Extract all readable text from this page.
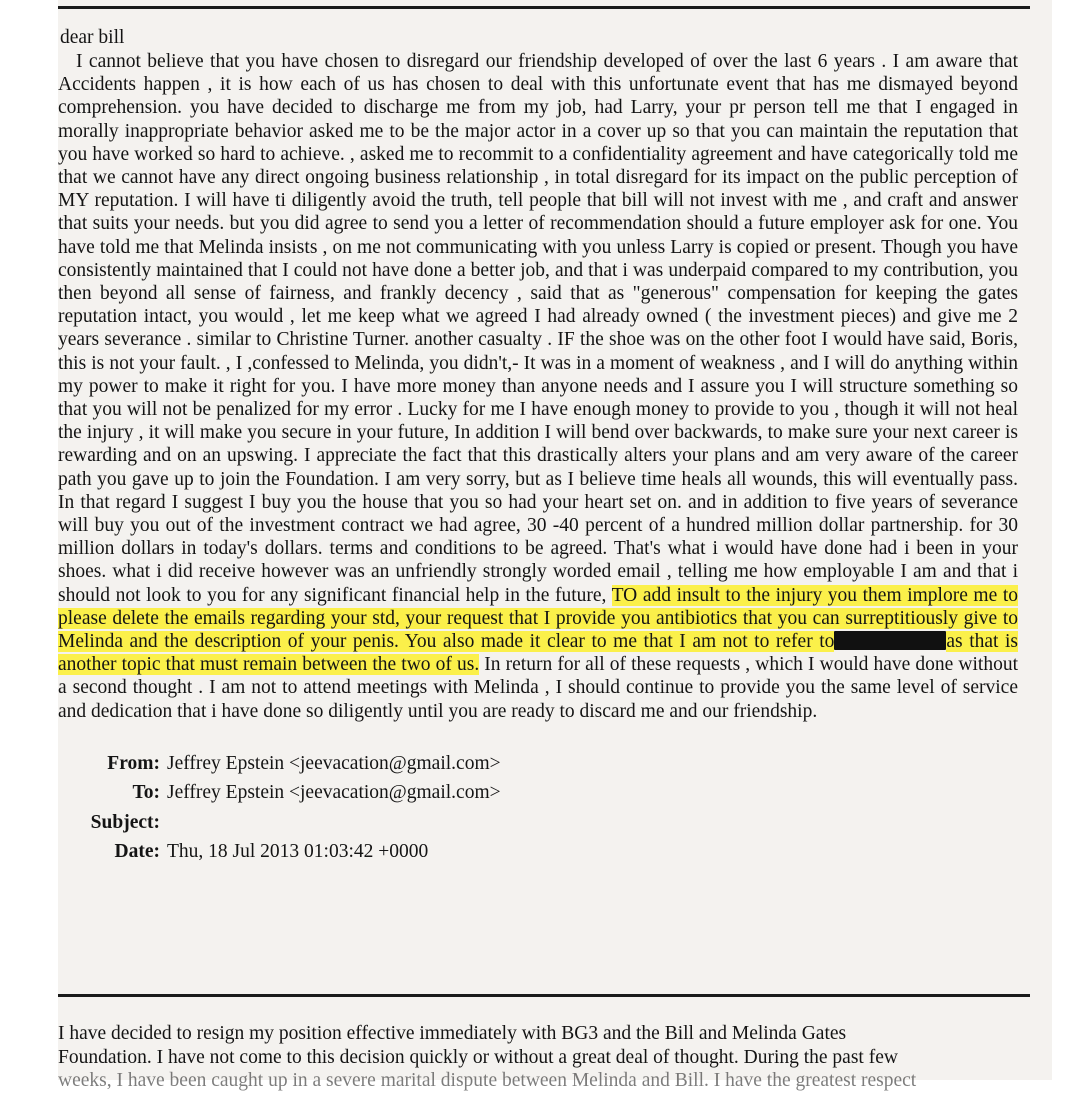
dear bill
I cannot believe that you have chosen to disregard our friendship developed of over the last 6 years . I am aware that Accidents happen , it is how each of us has chosen to deal with this unfortunate event that has me dismayed beyond comprehension. you have decided to discharge me from my job, had Larry, your pr person tell me that I engaged in morally inappropriate behavior asked me to be the major actor in a cover up so that you can maintain the reputation that you have worked so hard to achieve. , asked me to recommit to a confidentiality agreement and have categorically told me that we cannot have any direct ongoing business relationship , in total disregard for its impact on the public perception of MY reputation. I will have ti diligently avoid the truth, tell people that bill will not invest with me , and craft and answer that suits your needs. but you did agree to send you a letter of recommendation should a future employer ask for one. You have told me that Melinda insists , on me not communicating with you unless Larry is copied or present. Though you have consistently maintained that I could not have done a better job, and that i was underpaid compared to my contribution, you then beyond all sense of fairness, and frankly decency , said that as "generous" compensation for keeping the gates reputation intact, you would , let me keep what we agreed I had already owned ( the investment pieces) and give me 2 years severance . similar to Christine Turner. another casualty . IF the shoe was on the other foot I would have said, Boris, this is not your fault. , I ,confessed to Melinda, you didn't,- It was in a moment of weakness , and I will do anything within my power to make it right for you. I have more money than anyone needs and I assure you I will structure something so that you will not be penalized for my error . Lucky for me I have enough money to provide to you , though it will not heal the injury , it will make you secure in your future, In addition I will bend over backwards, to make sure your next career is rewarding and on an upswing. I appreciate the fact that this drastically alters your plans and am very aware of the career path you gave up to join the Foundation. I am very sorry, but as I believe time heals all wounds, this will eventually pass. In that regard I suggest I buy you the house that you so had your heart set on. and in addition to five years of severance will buy you out of the investment contract we had agree, 30 -40 percent of a hundred million dollar partnership. for 30 million dollars in today's dollars. terms and conditions to be agreed. That's what i would have done had i been in your shoes. what i did receive however was an unfriendly strongly worded email , telling me how employable I am and that i should not look to you for any significant financial help in the future, TO add insult to the injury you them implore me to please delete the emails regarding your std, your request that I provide you antibiotics that you can surreptitiously give to Melinda and the description of your penis. You also made it clear to me that I am not to refer to	as that is another topic that must remain between the two of us. In return for all of these requests , which I would have done without a second thought . I am not to attend meetings with Melinda , I should continue to provide you the same level of service and dedication that i have done so diligently until you are ready to discard me and our friendship.
From: Jeffrey Epstein <jeevacation@gmail.com>
To: Jeffrey Epstein <jeevacation@gmail.com>
Subject:
Date: Thu, 18 Jul 2013 01:03:42 +0000
I have decided to resign my position effective immediately with BG3 and the Bill and Melinda Gates
Foundation. I have not come to this decision quickly or without a great deal of thought. During the past few
weeks, I have been caught up in a severe marital dispute between Melinda and Bill. I have the greatest respect
